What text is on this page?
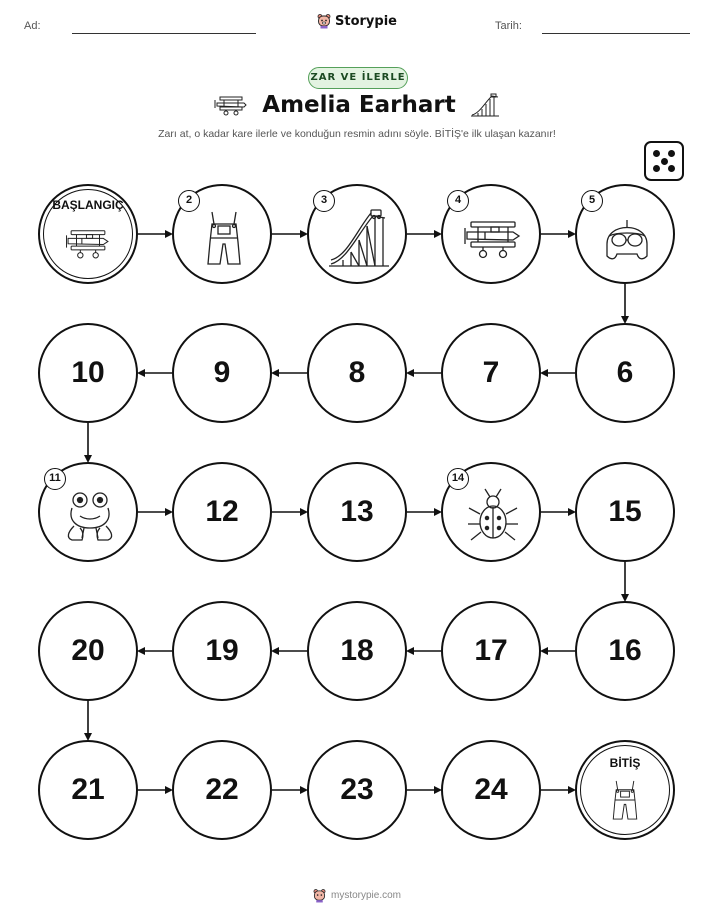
Ad:	Tarih:
Storypie
ZAR VE İLERLE
Amelia Earhart
Zarı at, o kadar kare ilerle ve konduğun resmin adını söyle. BİTİŞ'e ilk ulaşan kazanır!
BAŞLANGIÇ	2	3	4	5
6
7
8
9
10
11
12	13
14
15
16
17
18
19
20
21	22	23	24
BİTİŞ
mystorypie.com
